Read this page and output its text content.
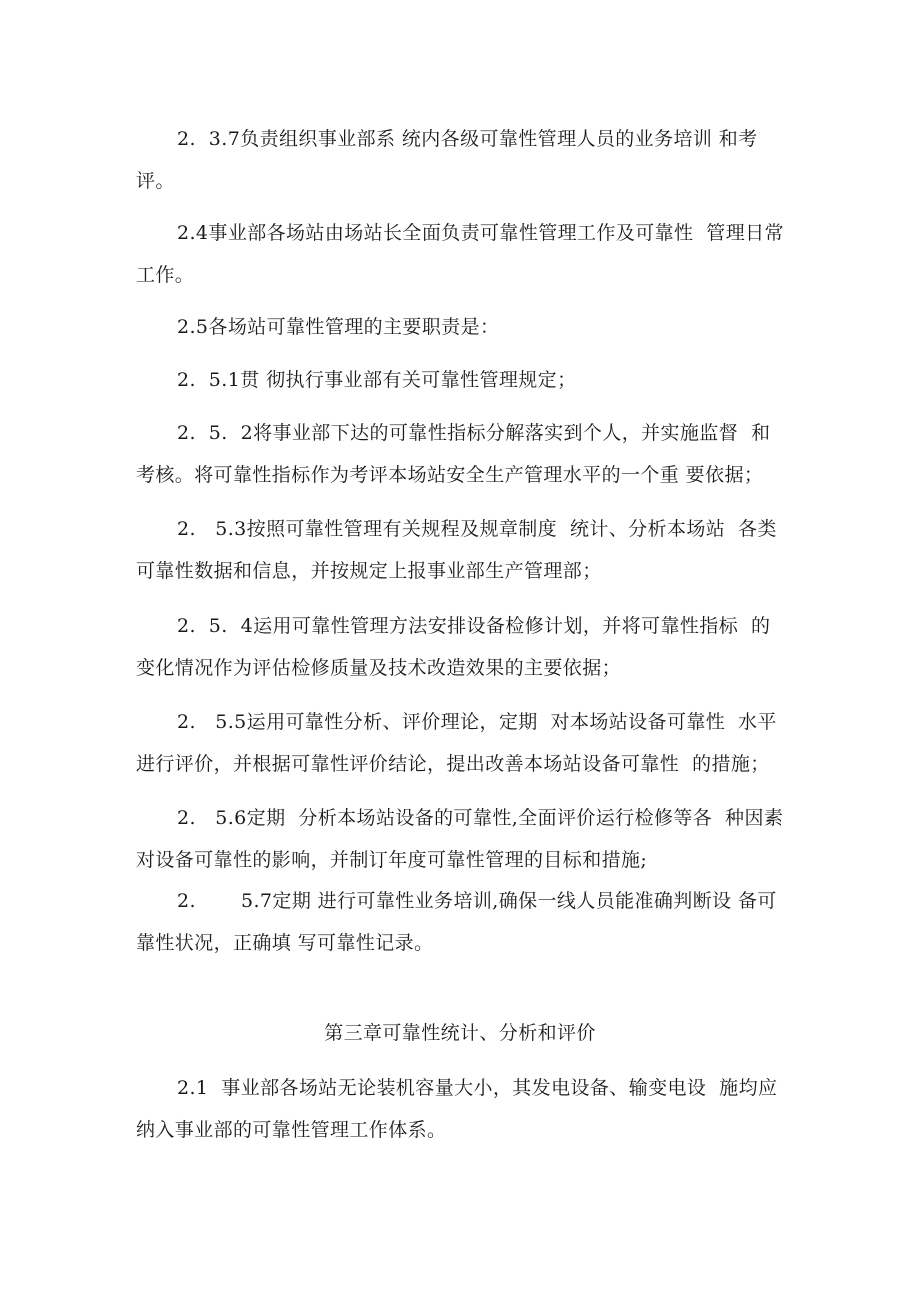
2.  3.7负责组织事业部系 统内各级可靠性管理人员的业务培训 和考评。

2.4事业部各场站由场站长全面负责可靠性管理工作及可靠性  管理日常工作。

2.5各场站可靠性管理的主要职责是：

2.  5.1贯 彻执行事业部有关可靠性管理规定；

2.  5.  2将事业部下达的可靠性指标分解落实到个人，并实施监督  和考核。将可靠性指标作为考评本场站安全生产管理水平的一个重 要依据；

2.   5.3按照可靠性管理有关规程及规章制度  统计、分析本场站  各类可靠性数据和信息，并按规定上报事业部生产管理部；

2.  5.  4运用可靠性管理方法安排设备检修计划，并将可靠性指标  的变化情况作为评估检修质量及技术改造效果的主要依据；

2.   5.5运用可靠性分析、评价理论，定期  对本场站设备可靠性  水平进行评价，并根据可靠性评价结论，提出改善本场站设备可靠性  的措施；

2.   5.6定期  分析本场站设备的可靠性,全面评价运行检修等各  种因素对设备可靠性的影响，并制订年度可靠性管理的目标和措施;

2.       5.7定期 进行可靠性业务培训,确保一线人员能准确判断设 备可靠性状况，正确填 写可靠性记录。

第三章可靠性统计、分析和评价

2.1  事业部各场站无论装机容量大小，其发电设备、输变电设  施均应纳入事业部的可靠性管理工作体系。
